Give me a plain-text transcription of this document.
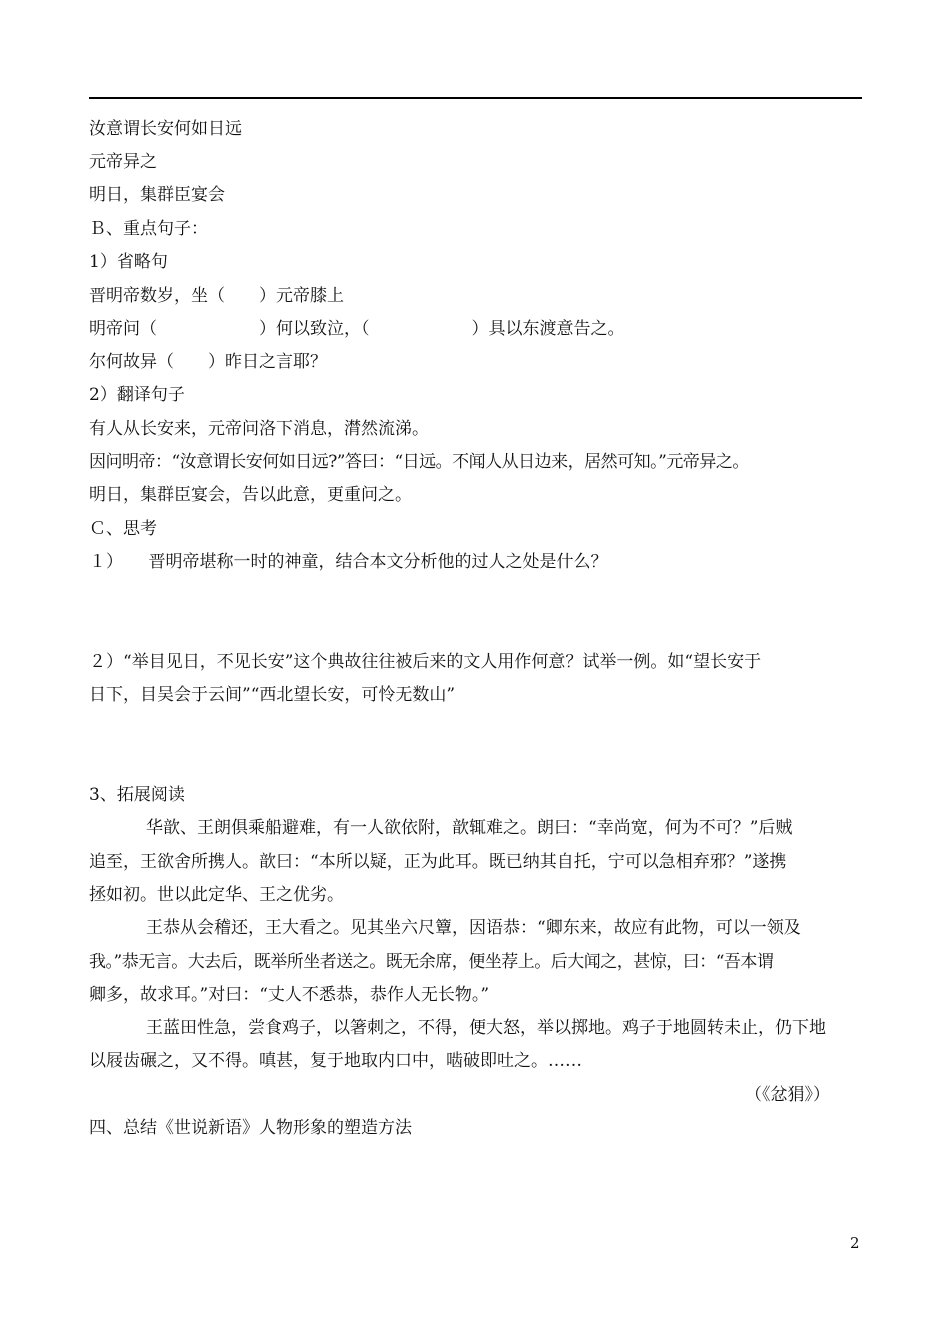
汝意谓长安何如日远
元帝异之
明日，集群臣宴会
Ｂ、重点句子：
1）省略句
晋明帝数岁，坐（　　）元帝膝上
明帝问（　　　　　　）何以致泣，（　　　　　　）具以东渡意告之。
尔何故异（　　）昨日之言耶？
2）翻译句子
有人从长安来，元帝问洛下消息，潸然流涕。
因问明帝：“汝意谓长安何如日远?”答曰：“日远。不闻人从日边来，居然可知。”元帝异之。
明日，集群臣宴会，告以此意，更重问之。
Ｃ、思考
１）　　晋明帝堪称一时的神童，结合本文分析他的过人之处是什么？
２）“举目见日，不见长安”这个典故往往被后来的文人用作何意？试举一例。如“望长安于
日下，目吴会于云间”“西北望长安，可怜无数山”
3、拓展阅读
华歆、王朗俱乘船避难，有一人欲依附，歆辄难之。朗曰：“幸尚宽，何为不可？”后贼
追至，王欲舍所携人。歆曰：“本所以疑，正为此耳。既已纳其自托，宁可以急相弃邪？”遂携
拯如初。世以此定华、王之优劣。
王恭从会稽还，王大看之。见其坐六尺簟，因语恭：“卿东来，故应有此物，可以一领及
我。”恭无言。大去后，既举所坐者送之。既无余席，便坐荐上。后大闻之，甚惊，曰：“吾本谓
卿多，故求耳。”对曰：“丈人不悉恭，恭作人无长物。”
王蓝田性急，尝食鸡子，以箸刺之，不得，便大怒，举以掷地。鸡子于地圆转未止，仍下地
以屐齿碾之，又不得。嗔甚，复于地取内口中，啮破即吐之。……
（《忿狷》）
四、总结《世说新语》人物形象的塑造方法
2
